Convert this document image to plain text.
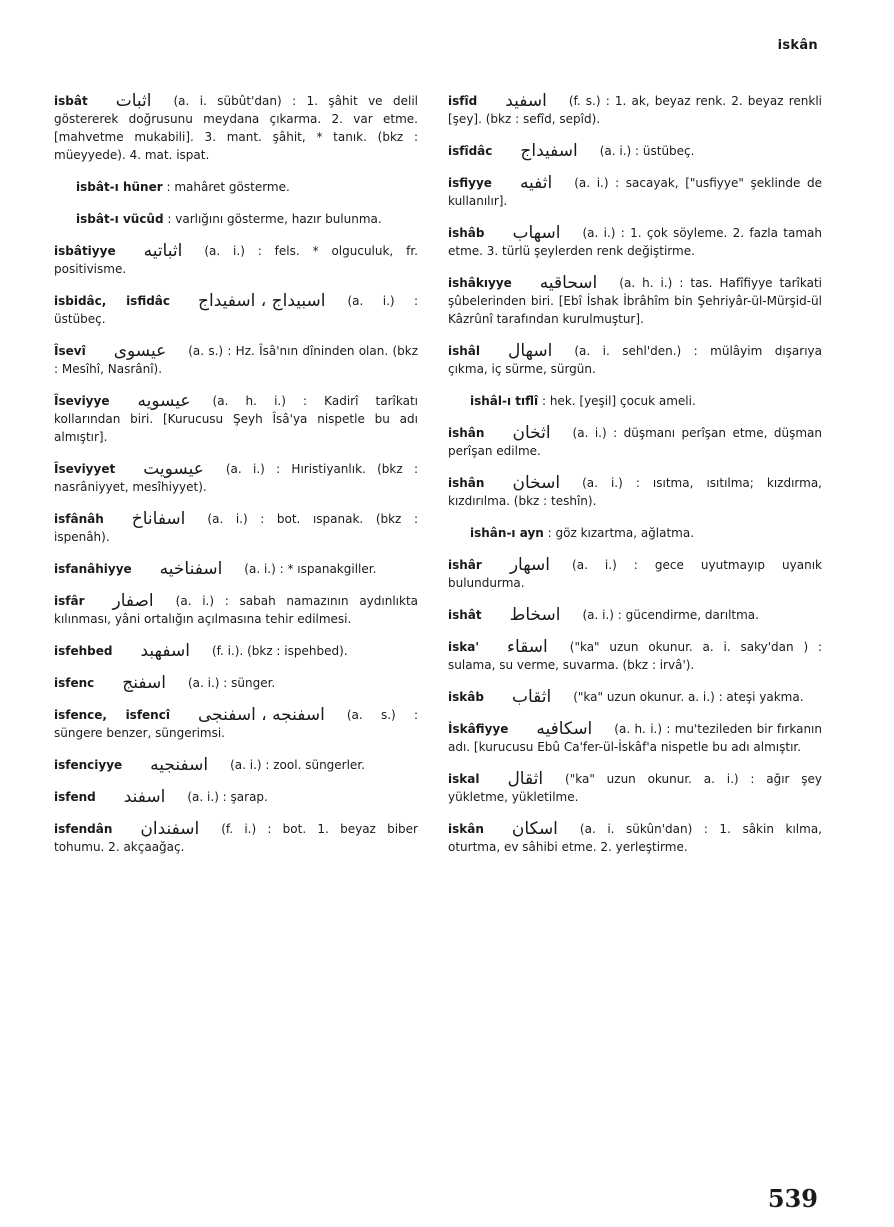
iskân

isbât اثبات (a. i. sübût'dan) : 1. şâhit ve delil göstererek doğrusunu meydana çıkarma. 2. var etme. [mahvetme mukabili]. 3. mant. şâhit, * tanık. (bkz : müeyyede). 4. mat. ispat.

isbât-ı hüner : mahâret gösterme.

isbât-ı vücûd : varlığını gösterme, hazır bulunma.

isbâtiyye اثباتيه (a. i.) : fels. * olguculuk, fr. positivisme.

isbidâc, isfidâc اسبيداج ، اسفيداج (a. i.) : üstübeç.

Îsevî عيسوى (a. s.) : Hz. Îsâ'nın dîninden olan. (bkz : Mesîhî, Nasrânî).

Îseviyye عيسويه (a. h. i.) : Kadirî tarîkatı kollarından biri. [Kurucusu Şeyh Îsâ'ya nispetle bu adı almıştır].

Îseviyyet عيسويت (a. i.) : Hıristiyanlık. (bkz : nasrâniyyet, mesîhiyyet).

isfânâh اسفاناخ (a. i.) : bot. ıspanak. (bkz : ispenâh).

isfanâhiyye اسفناخيه (a. i.) : * ıspanakgiller.

isfâr اصفار (a. i.) : sabah namazının aydınlıkta kılınması, yâni ortalığın açılmasına tehir edilmesi.

isfehbed اسفهبد (f. i.). (bkz : ispehbed).

isfenc اسفنج (a. i.) : sünger.

isfence, isfencî اسفنجه ، اسفنجى (a. s.) : süngere benzer, süngerimsi.

isfenciyye اسفنجيه (a. i.) : zool. süngerler.

isfend اسفند (a. i.) : şarap.

isfendân اسفندان (f. i.) : bot. 1. beyaz biber tohumu. 2. akçaağaç.

isfîd اسفيد (f. s.) : 1. ak, beyaz renk. 2. beyaz renkli [şey]. (bkz : sefîd, sepîd).

isfîdâc اسفيداج (a. i.) : üstübeç.

isfiyye اثفيه (a. i.) : sacayak, ["usfiyye" şeklinde de kullanılır].

ishâb اسهاب (a. i.) : 1. çok söyleme. 2. fazla tamah etme. 3. türlü şeylerden renk değiştirme.

ishâkıyye اسحاقيه (a. h. i.) : tas. Hafîfiyye tarîkati şûbelerinden biri. [Ebî İshak İbrâhîm bin Şehriyâr-ül-Mürşid-ül Kâzrûnî tarafından kurulmuştur].

ishâl اسهال (a. i. sehl'den.) : mülâyim dışarıya çıkma, iç sürme, sürgün.

ishâl-ı tıflî : hek. [yeşil] çocuk ameli.

ishân اثخان (a. i.) : düşmanı perîşan etme, düşman perîşan edilme.

ishân اسخان (a. i.) : ısıtma, ısıtılma; kızdırma, kızdırılma. (bkz : teshîn).

ishân-ı ayn : göz kızartma, ağlatma.

ishâr اسهار (a. i.) : gece uyutmayıp uyanık bulundurma.

ishât اسخاط (a. i.) : gücendirme, darıltma.

iska' اسقاء ("ka" uzun okunur. a. i. saky'dan ) : sulama, su verme, suvarma. (bkz : irvâ').

iskâb اثقاب ("ka" uzun okunur. a. i.) : ateşi yakma.

İskâfiyye اسكافيه (a. h. i.) : mu'tezileden bir fırkanın adı. [kurucusu Ebû Ca'fer-ül-İskâf'a nispetle bu adı almıştır.

iskal اثقال ("ka" uzun okunur. a. i.) : ağır şey yükletme, yükletilme.

iskân اسكان (a. i. sükûn'dan) : 1. sâkin kılma, oturtma, ev sâhibi etme. 2. yerleştirme.

539
